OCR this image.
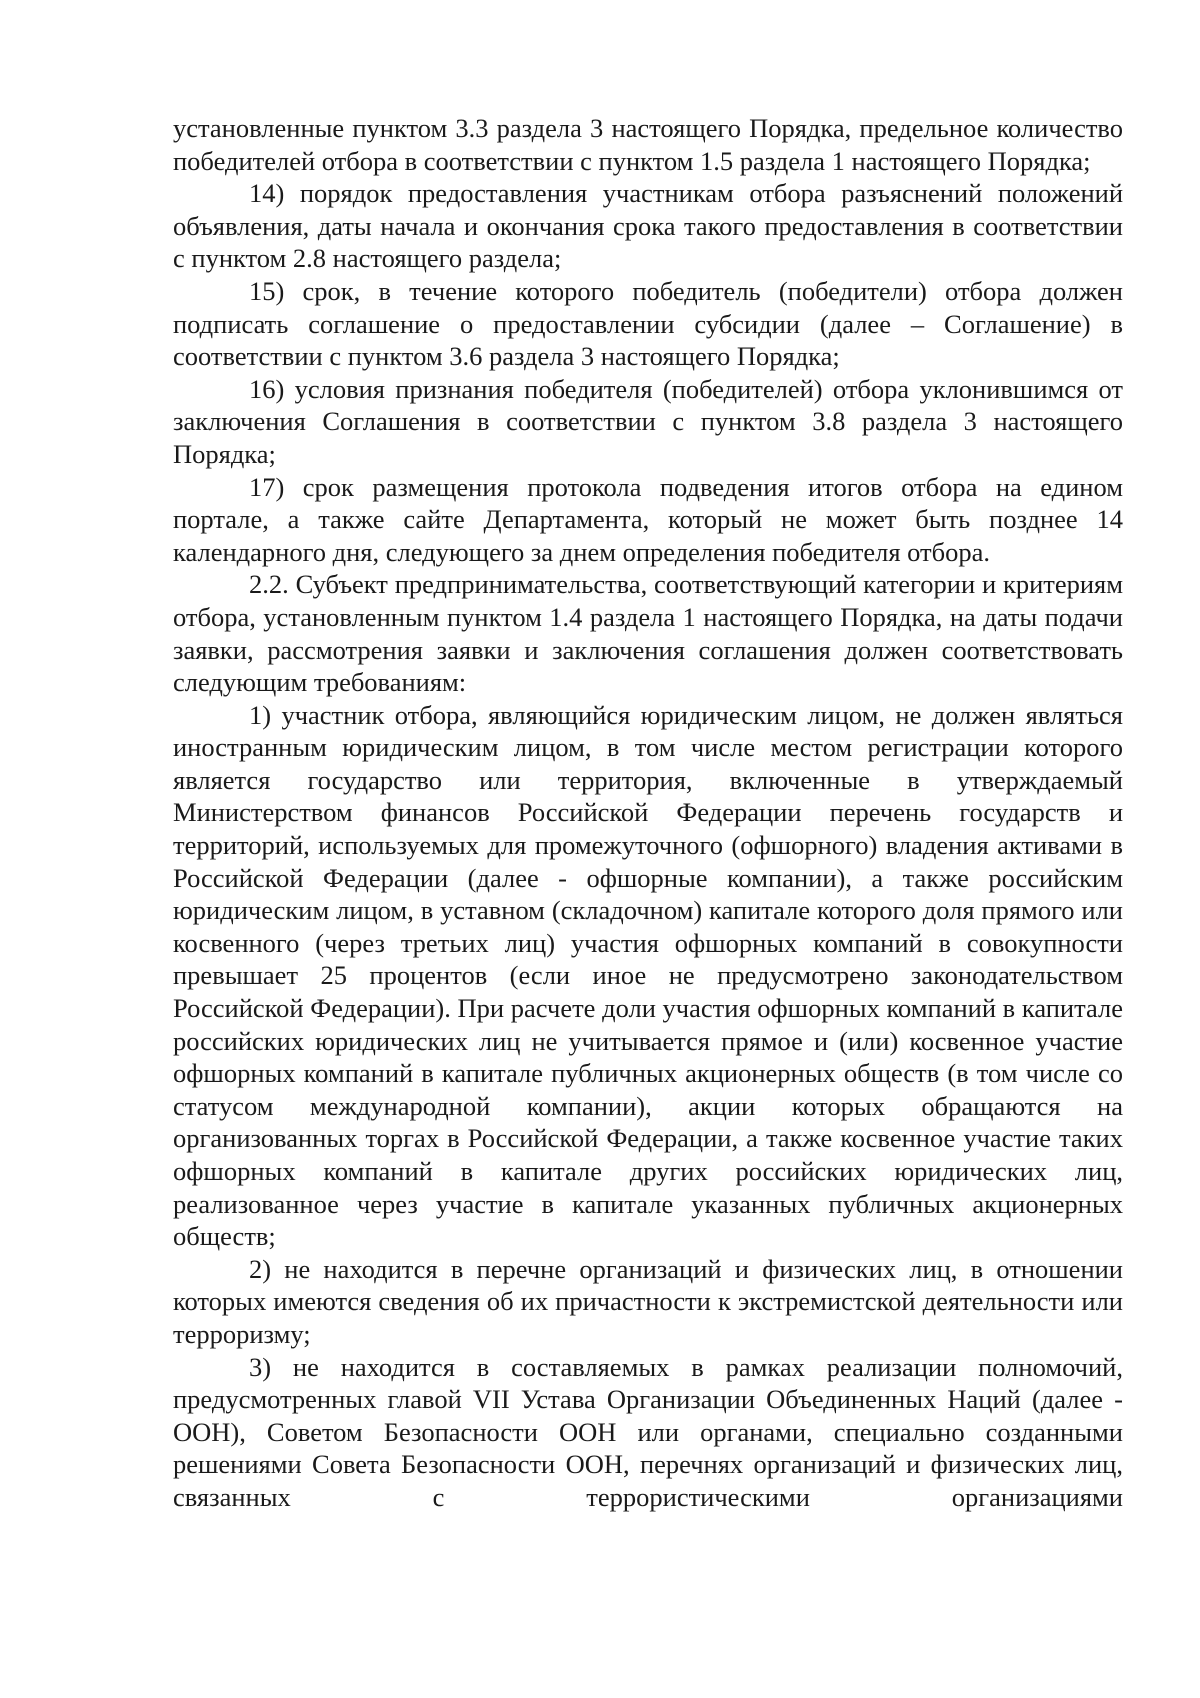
установленные пунктом 3.3 раздела 3 настоящего Порядка, предельное количество победителей отбора в соответствии с пунктом 1.5 раздела 1 настоящего Порядка;

14) порядок предоставления участникам отбора разъяснений положений объявления, даты начала и окончания срока такого предоставления в соответствии с пунктом 2.8 настоящего раздела;

15) срок, в течение которого победитель (победители) отбора должен подписать соглашение о предоставлении субсидии (далее – Соглашение) в соответствии с пунктом 3.6 раздела 3 настоящего Порядка;

16) условия признания победителя (победителей) отбора уклонившимся от заключения Соглашения в соответствии с пунктом 3.8 раздела 3 настоящего Порядка;

17) срок размещения протокола подведения итогов отбора на едином портале, а также сайте Департамента, который не может быть позднее 14 календарного дня, следующего за днем определения победителя отбора.

2.2. Субъект предпринимательства, соответствующий категории и критериям отбора, установленным пунктом 1.4 раздела 1 настоящего Порядка, на даты подачи заявки, рассмотрения заявки и заключения соглашения должен соответствовать следующим требованиям:

1) участник отбора, являющийся юридическим лицом, не должен являться иностранным юридическим лицом, в том числе местом регистрации которого является государство или территория, включенные в утверждаемый Министерством финансов Российской Федерации перечень государств и территорий, используемых для промежуточного (офшорного) владения активами в Российской Федерации (далее - офшорные компании), а также российским юридическим лицом, в уставном (складочном) капитале которого доля прямого или косвенного (через третьих лиц) участия офшорных компаний в совокупности превышает 25 процентов (если иное не предусмотрено законодательством Российской Федерации). При расчете доли участия офшорных компаний в капитале российских юридических лиц не учитывается прямое и (или) косвенное участие офшорных компаний в капитале публичных акционерных обществ (в том числе со статусом международной компании), акции которых обращаются на организованных торгах в Российской Федерации, а также косвенное участие таких офшорных компаний в капитале других российских юридических лиц, реализованное через участие в капитале указанных публичных акционерных обществ;

2) не находится в перечне организаций и физических лиц, в отношении которых имеются сведения об их причастности к экстремистской деятельности или терроризму;

3) не находится в составляемых в рамках реализации полномочий, предусмотренных главой VII Устава Организации Объединенных Наций (далее - ООН), Советом Безопасности ООН или органами, специально созданными решениями Совета Безопасности ООН, перечнях организаций и физических лиц, связанных с террористическими организациями
